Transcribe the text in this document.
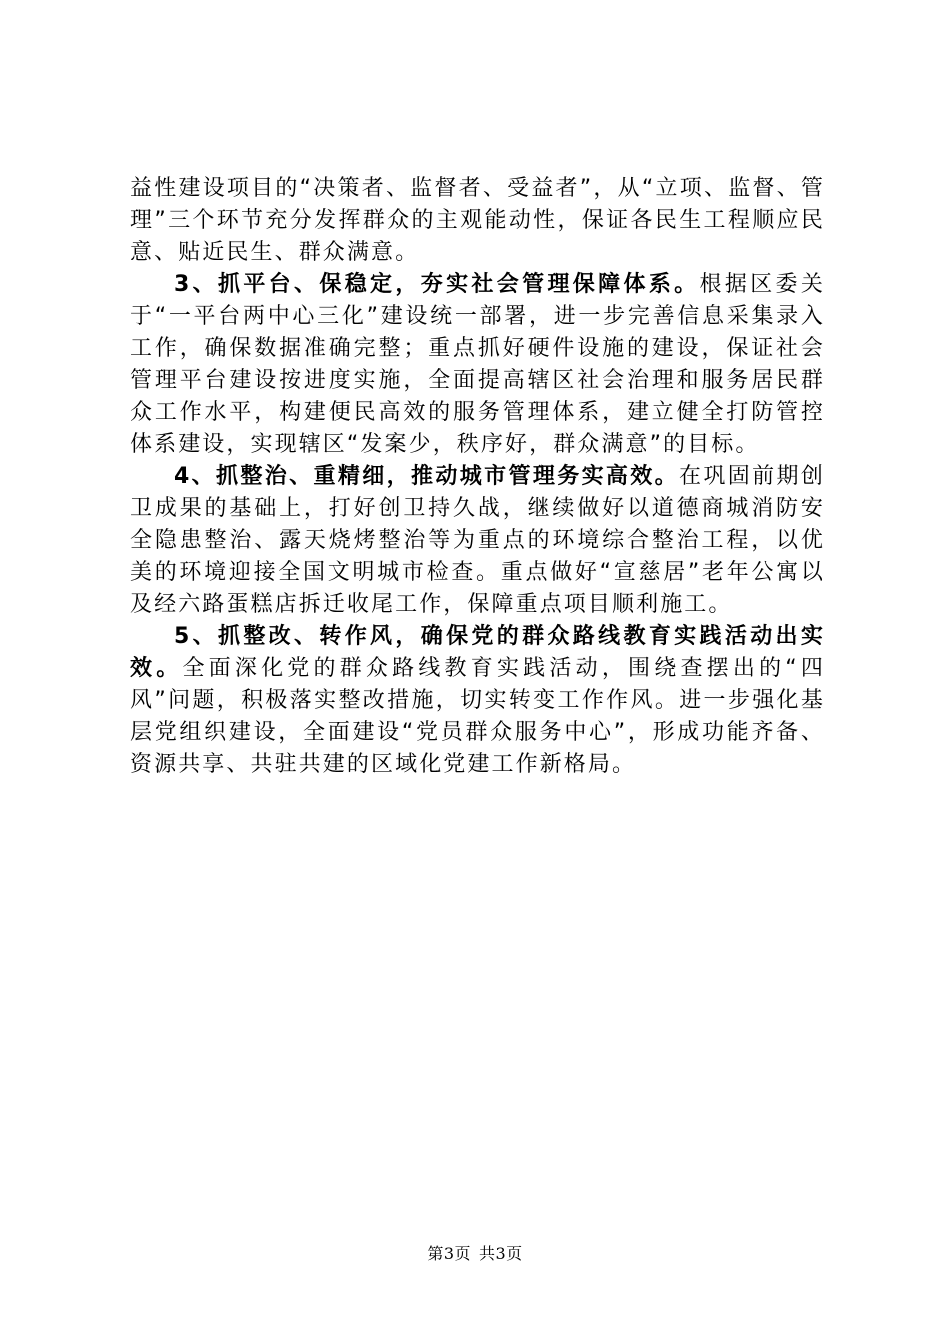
益性建设项目的“决策者、监督者、受益者”，从“立项、监督、管理”三个环节充分发挥群众的主观能动性，保证各民生工程顺应民意、贴近民生、群众满意。

3、抓平台、保稳定，夯实社会管理保障体系。根据区委关于“一平台两中心三化”建设统一部署，进一步完善信息采集录入工作，确保数据准确完整；重点抓好硬件设施的建设，保证社会管理平台建设按进度实施，全面提高辖区社会治理和服务居民群众工作水平，构建便民高效的服务管理体系，建立健全打防管控体系建设，实现辖区“发案少，秩序好，群众满意”的目标。

4、抓整治、重精细，推动城市管理务实高效。在巩固前期创卫成果的基础上，打好创卫持久战，继续做好以道德商城消防安全隐患整治、露天烧烤整治等为重点的环境综合整治工程，以优美的环境迎接全国文明城市检查。重点做好“宣慈居”老年公寓以及经六路蛋糕店拆迁收尾工作，保障重点项目顺利施工。

5、抓整改、转作风，确保党的群众路线教育实践活动出实效。全面深化党的群众路线教育实践活动，围绕查摆出的“四风”问题，积极落实整改措施，切实转变工作作风。进一步强化基层党组织建设，全面建设“党员群众服务中心”，形成功能齐备、资源共享、共驻共建的区域化党建工作新格局。

第3页 共3页
